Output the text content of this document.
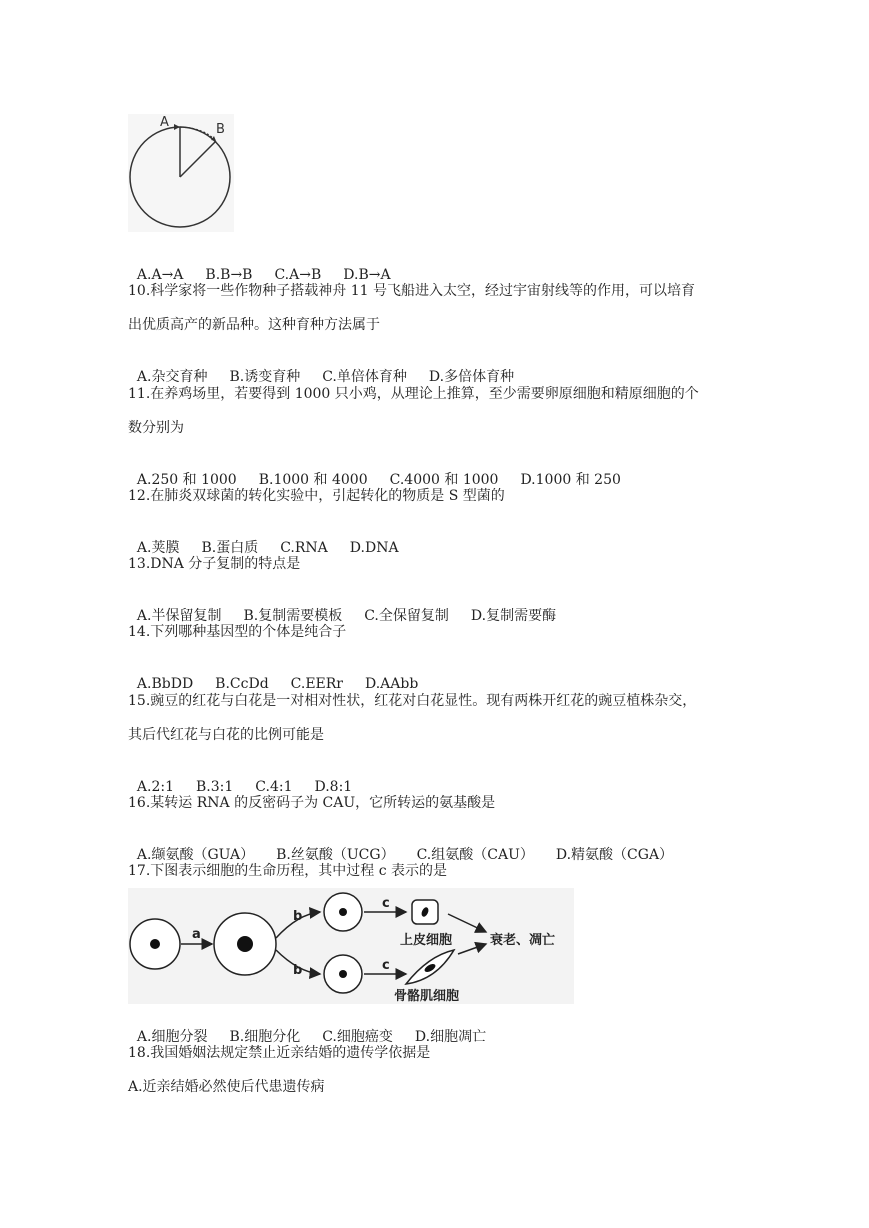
A	B

A.A→A B.B→B C.A→B D.B→A

10.科学家将一些作物种子搭载神舟 11 号飞船进入太空，经过宇宙射线等的作用，可以培育
出优质高产的新品种。这种育种方法属于

A.杂交育种 B.诱变育种 C.单倍体育种 D.多倍体育种

11.在养鸡场里，若要得到 1000 只小鸡，从理论上推算，至少需要卵原细胞和精原细胞的个
数分别为

A.250 和 1000 B.1000 和 4000 C.4000 和 1000 D.1000 和 250

12.在肺炎双球菌的转化实验中，引起转化的物质是 S 型菌的

A.荚膜 B.蛋白质 C.RNA D.DNA

13.DNA 分子复制的特点是

A.半保留复制 B.复制需要模板 C.全保留复制 D.复制需要酶

14.下列哪种基因型的个体是纯合子

A.BbDD B.CcDd C.EERr D.AAbb

15.豌豆的红花与白花是一对相对性状，红花对白花显性。现有两株开红花的豌豆植株杂交，
其后代红花与白花的比例可能是

A.2:1 B.3:1 C.4:1 D.8:1

16.某转运 RNA 的反密码子为 CAU，它所转运的氨基酸是

A.缬氨酸（GUA） B.丝氨酸（UCG） C.组氨酸（CAU） D.精氨酸（CGA）

17.下图表示细胞的生命历程，其中过程 c 表示的是
a
b
b
c
c
上皮细胞
骨骼肌细胞
衰老、凋亡

A.细胞分裂 B.细胞分化 C.细胞癌变 D.细胞凋亡

18.我国婚姻法规定禁止近亲结婚的遗传学依据是
A.近亲结婚必然使后代患遗传病
